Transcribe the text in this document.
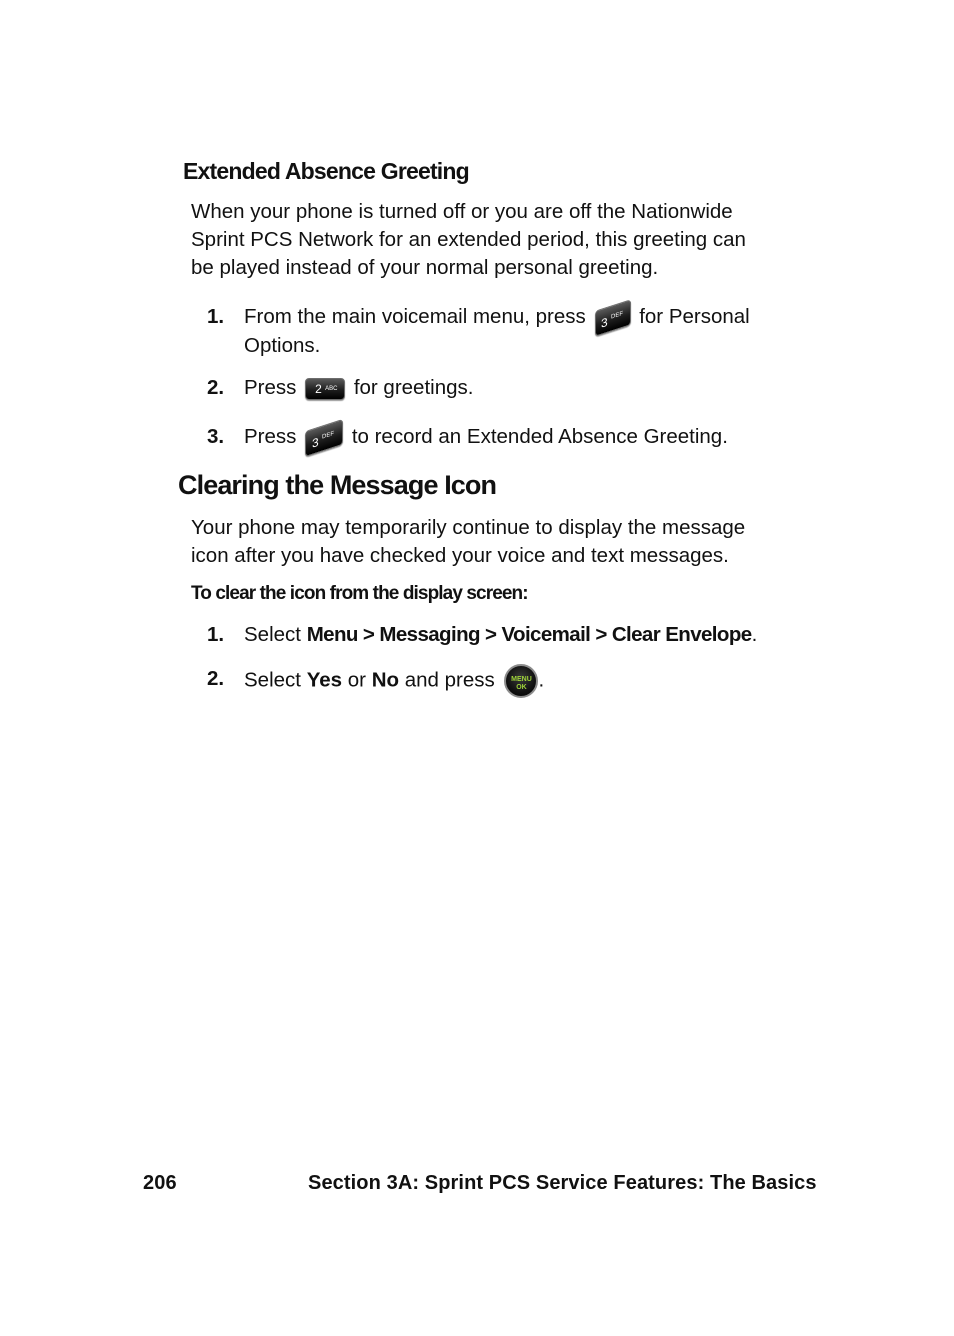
Extended Absence Greeting

When your phone is turned off or you are off the Nationwide
Sprint PCS Network for an extended period, this greeting can
be played instead of your normal personal greeting.

1. From the main voicemail menu, press 3 DEF for Personal
Options.
2. Press 2 ABC for greetings.
3. Press 3 DEF to record an Extended Absence Greeting.
Clearing the Message Icon

Your phone may temporarily continue to display the message
icon after you have checked your voice and text messages.

To clear the icon from the display screen:

1. Select Menu > Messaging > Voicemail > Clear Envelope.
2. Select Yes or No and press	MENU
OK .
206	Section 3A: Sprint PCS Service Features: The Basics
